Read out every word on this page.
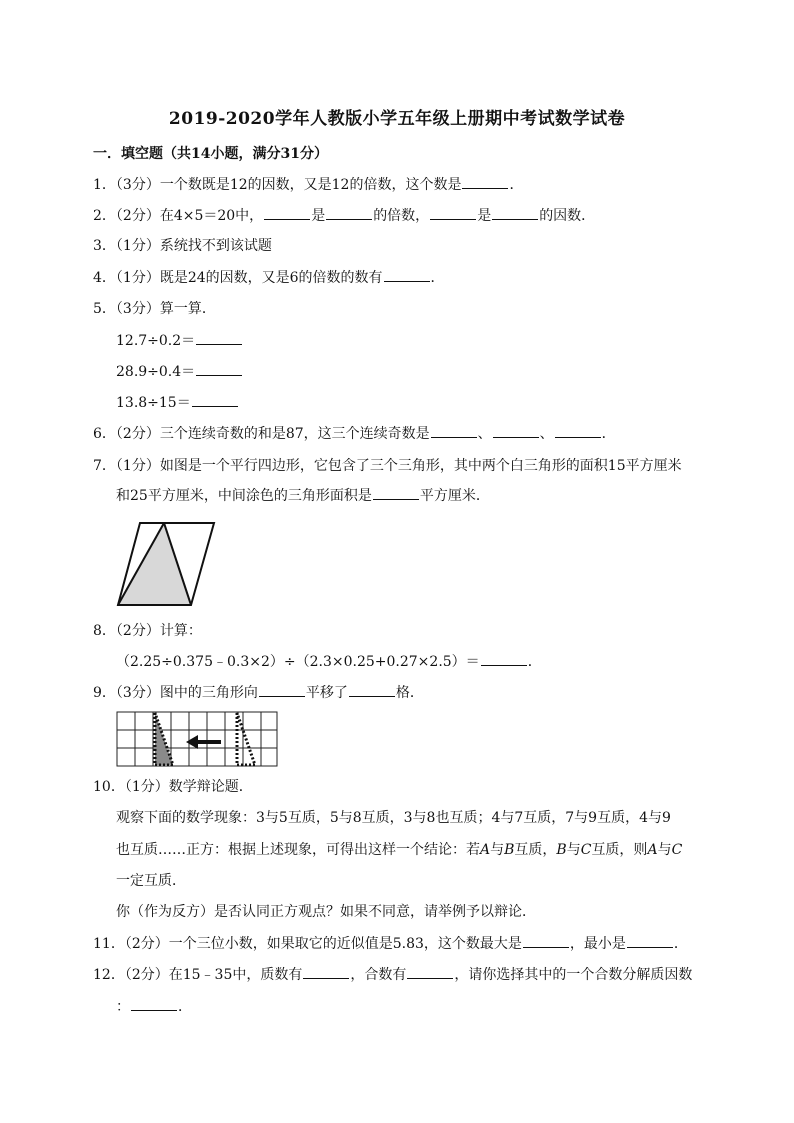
2019-2020学年人教版小学五年级上册期中考试数学试卷
一．填空题（共14小题，满分31分）
1．（3分）一个数既是12的因数，又是12的倍数，这个数是	．
2．（2分）在4×5＝20中，	是	的倍数，	是	的因数．
3．（1分）系统找不到该试题
4．（1分）既是24的因数，又是6的倍数的数有	．
5．（3分）算一算．
12.7÷0.2＝
28.9÷0.4＝
13.8÷15＝
6．（2分）三个连续奇数的和是87，这三个连续奇数是	、	、	．
7．（1分）如图是一个平行四边形，它包含了三个三角形，其中两个白三角形的面积15平方厘米
和25平方厘米，中间涂色的三角形面积是	平方厘米．
8．（2分）计算：
（2.25÷0.375﹣0.3×2）÷（2.3×0.25+0.27×2.5）＝	．
9．（3分）图中的三角形向	平移了	格．
10．（1分）数学辩论题．
观察下面的数学现象：3与5互质，5与8互质，3与8也互质；4与7互质，7与9互质，4与9
也互质……正方：根据上述现象，可得出这样一个结论：若A与B互质，B与C互质，则A与C
一定互质．
你（作为反方）是否认同正方观点？如果不同意，请举例予以辩论．
11．（2分）一个三位小数，如果取它的近似值是5.83，这个数最大是	，最小是	．
12．（2分）在15﹣35中，质数有	，合数有	，请你选择其中的一个合数分解质因数
：	．
